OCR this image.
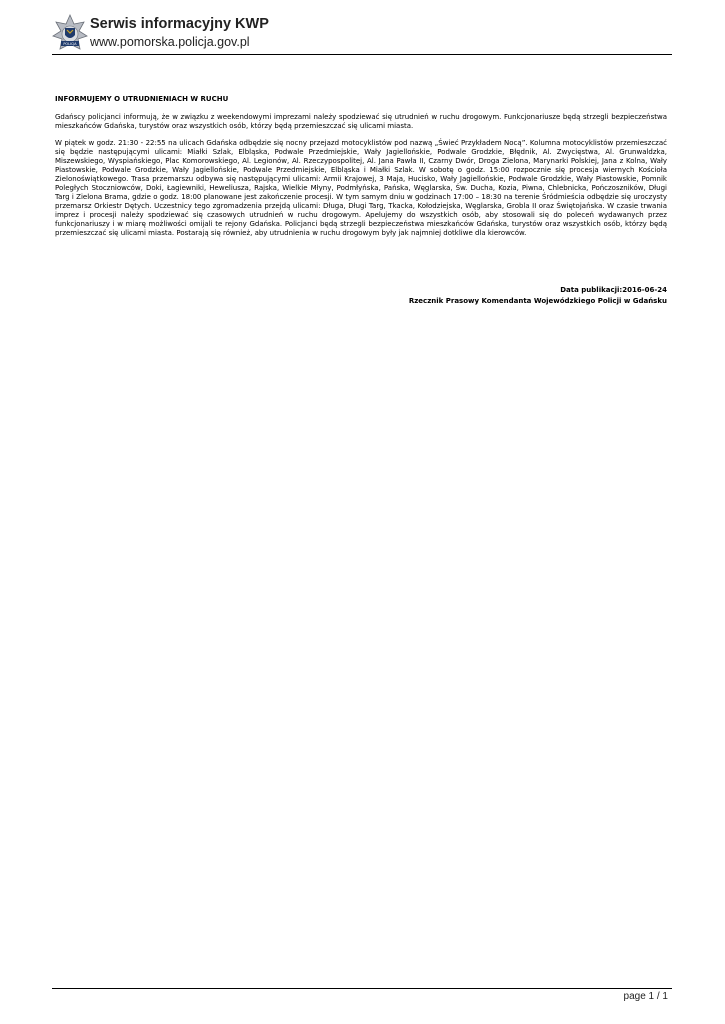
POLICJA
Serwis informacyjny KWP
www.pomorska.policja.gov.pl
INFORMUJEMY O UTRUDNIENIACH W RUCHU

Gdańscy policjanci informują, że w związku z weekendowymi imprezami należy spodziewać się utrudnień w ruchu drogowym. Funkcjonariusze będą strzegli bezpieczeństwa mieszkańców Gdańska, turystów oraz wszystkich osób, którzy będą przemieszczać się ulicami miasta.

W piątek w godz. 21:30 - 22:55 na ulicach Gdańska odbędzie się nocny przejazd motocyklistów pod nazwą „Świeć Przykładem Nocą”. Kolumna motocyklistów przemieszczać się będzie następującymi ulicami: Miałki Szlak, Elbląska, Podwale Przedmiejskie, Wały Jagiellońskie, Podwale Grodzkie, Błędnik, Al. Zwycięstwa, Al. Grunwaldzka, Miszewskiego, Wyspiańskiego, Plac Komorowskiego, Al. Legionów, Al. Rzeczypospolitej, Al. Jana Pawła II, Czarny Dwór, Droga Zielona, Marynarki Polskiej, Jana z Kolna, Wały Piastowskie, Podwale Grodzkie, Wały Jagiellońskie, Podwale Przedmiejskie, Elbląska i Miałki Szlak. W sobotę o godz. 15:00 rozpocznie się procesja wiernych Kościoła Zielonoświątkowego. Trasa przemarszu odbywa się następującymi ulicami: Armii Krajowej, 3 Maja, Hucisko, Wały Jagiellońskie, Podwale Grodzkie, Wały Piastowskie, Pomnik Poległych Stoczniowców, Doki, Łagiewniki, Heweliusza, Rajska, Wielkie Młyny, Podmłyńska, Pańska, Węglarska, Św. Ducha, Kozia, Piwna, Chlebnicka, Pończoszników, Długi Targ i Zielona Brama, gdzie o godz. 18:00 planowane jest zakończenie procesji. W tym samym dniu w godzinach 17:00 – 18:30 na terenie Śródmieścia odbędzie się uroczysty przemarsz Orkiestr Dętych. Uczestnicy tego zgromadzenia przejdą ulicami: Długa, Długi Targ, Tkacka, Kołodziejska, Węglarska, Grobla II oraz Świętojańska. W czasie trwania imprez i procesji należy spodziewać się czasowych utrudnień w ruchu drogowym. Apelujemy do wszystkich osób, aby stosowali się do poleceń wydawanych przez funkcjonariuszy i w miarę możliwości omijali te rejony Gdańska. Policjanci będą strzegli bezpieczeństwa mieszkańców Gdańska, turystów oraz wszystkich osób, którzy będą przemieszczać się ulicami miasta. Postarają się również, aby utrudnienia w ruchu drogowym były jak najmniej dotkliwe dla kierowców.

Data publikacji:2016-06-24
Rzecznik Prasowy Komendanta Wojewódzkiego Policji w Gdańsku
page 1 / 1
